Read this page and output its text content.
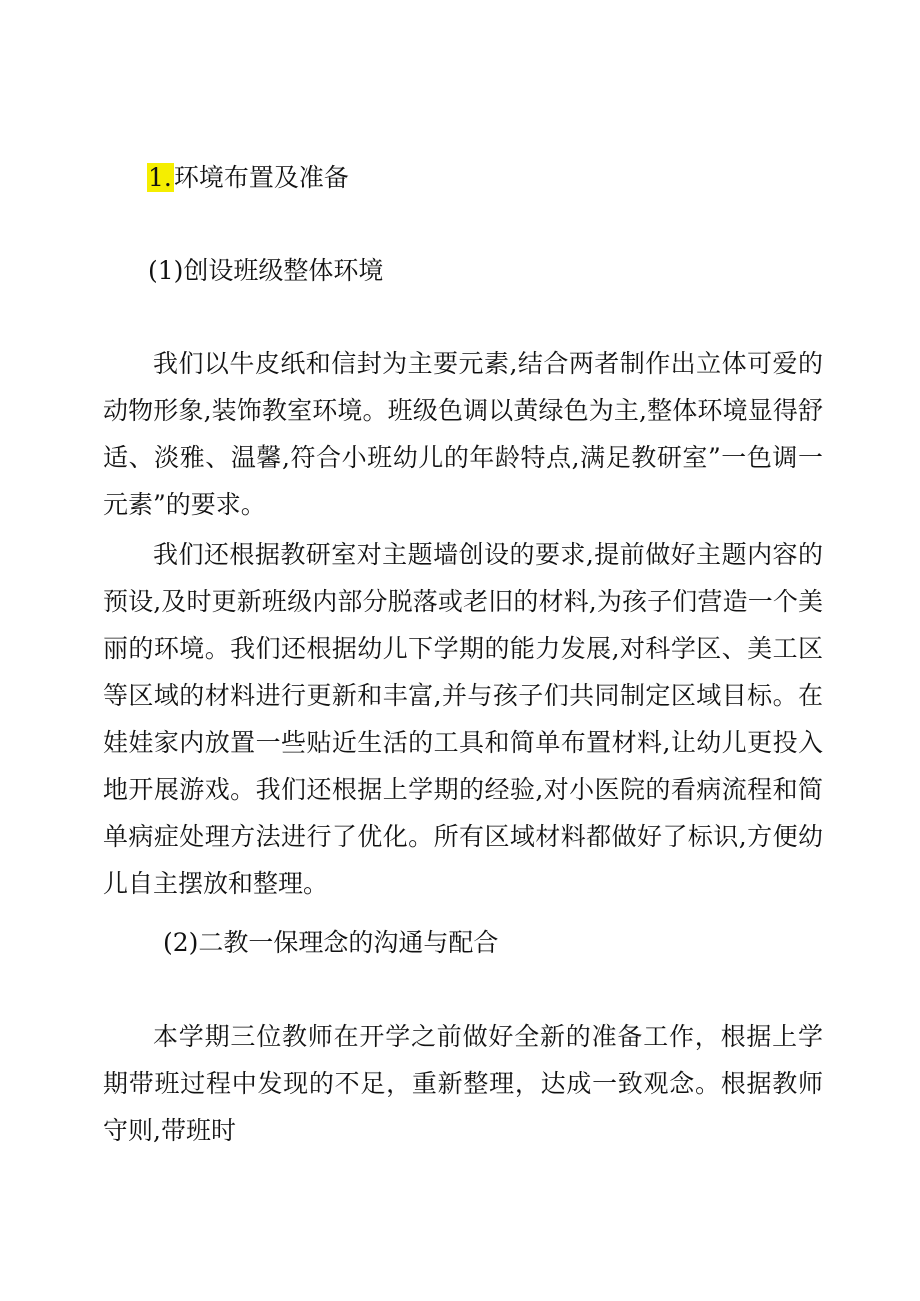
1.环境布置及准备
(1)创设班级整体环境

我们以牛皮纸和信封为主要元素,结合两者制作出立体可爱的动物形象,装饰教室环境。班级色调以黄绿色为主,整体环境显得舒适、淡雅、温馨,符合小班幼儿的年龄特点,满足教研室”一色调一元素”的要求。

我们还根据教研室对主题墙创设的要求,提前做好主题内容的预设,及时更新班级内部分脱落或老旧的材料,为孩子们营造一个美丽的环境。我们还根据幼儿下学期的能力发展,对科学区、美工区等区域的材料进行更新和丰富,并与孩子们共同制定区域目标。在娃娃家内放置一些贴近生活的工具和简单布置材料,让幼儿更投入地开展游戏。我们还根据上学期的经验,对小医院的看病流程和简单病症处理方法进行了优化。所有区域材料都做好了标识,方便幼儿自主摆放和整理。

(2)二教一保理念的沟通与配合

本学期三位教师在开学之前做好全新的准备工作，根据上学期带班过程中发现的不足，重新整理，达成一致观念。根据教师守则,带班时
